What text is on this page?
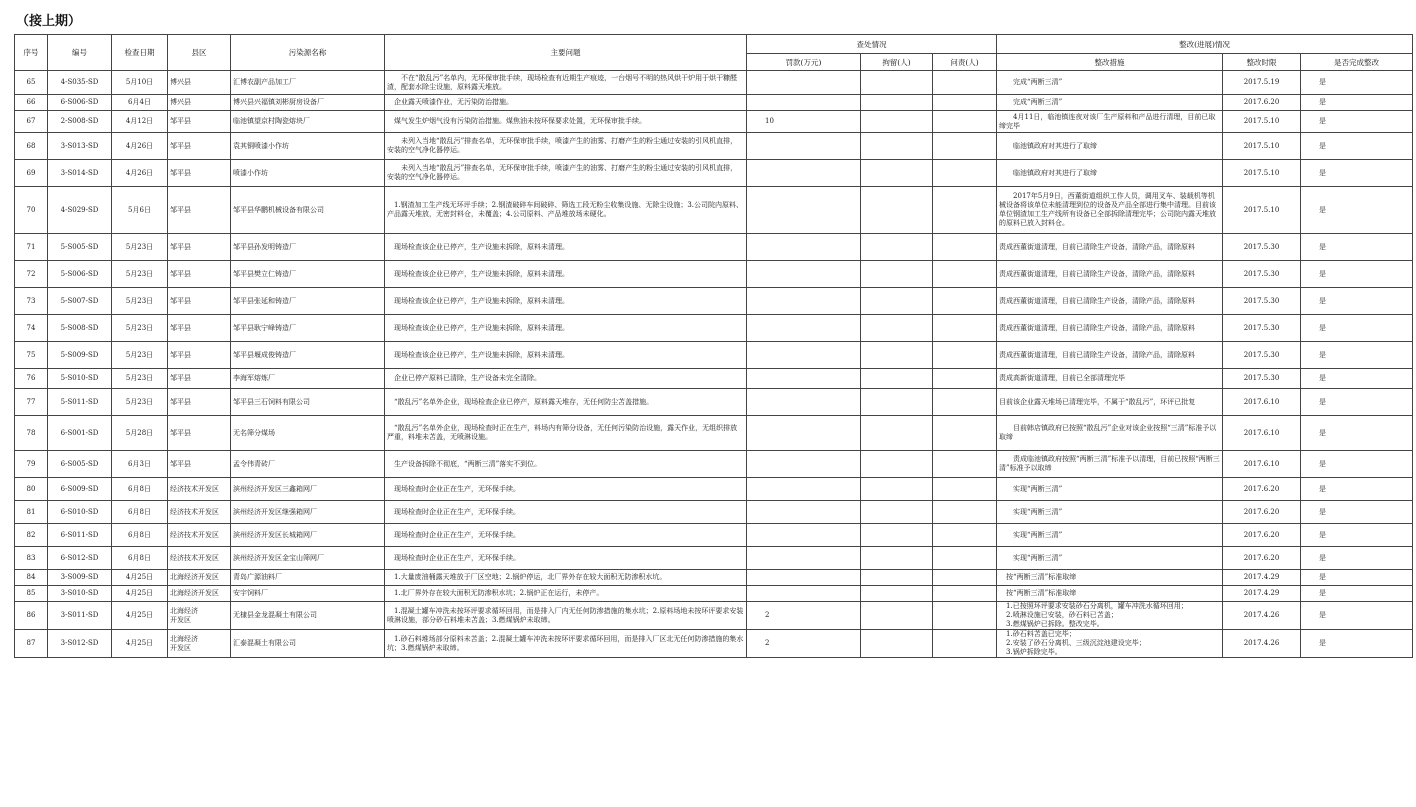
（接上期）
序号	编号	检查日期	县区	污染源名称	主要问题	查处情况			整改(进展)情况		
						罚款(万元)	拘留(人)	问责(人)	整改措施	整改时限	是否完成整改
65	4-S035-SD	5月10日	博兴县	汇博农副产品加工厂	　　不在“散乱污”名单内，无环保审批手续，现场检查有近期生产痕迹，一台烟号不明的热风烘干炉用于烘干糠醛渣，配套水除尘设施，原料露天堆放。				　　完成“两断三清”	2017.5.19	是
66	6-S006-SD	6月4日	博兴县	博兴县兴福镇刘彬厨房设备厂	　企业露天喷漆作业，无污染防治措施。				　　完成“两断三清”	2017.6.20	是
67	2-S008-SD	4月12日	邹平县	临池镇望京村陶瓷熔块厂	　煤气发生炉烟气没有污染防治措施。煤焦油未按环保要求处置，无环保审批手续。	10			　　4月11日，临池镇连夜对该厂生产原料和产品进行清理，目前已取缔完毕	2017.5.10	是
68	3-S013-SD	4月26日	邹平县	袁其铜喷漆小作坊	　　未列入当地“散乱污”排查名单，无环保审批手续，喷漆产生的油雾、打磨产生的粉尘通过安装的引风机直排，安装的空气净化器停运。				　　临池镇政府对其进行了取缔	2017.5.10	是
69	3-S014-SD	4月26日	邹平县	喷漆小作坊	　　未列入当地“散乱污”排查名单，无环保审批手续，喷漆产生的油雾、打磨产生的粉尘通过安装的引风机直排，安装的空气净化器停运。				　　临池镇政府对其进行了取缔	2017.5.10	是
70	4-S029-SD	5月6日	邹平县	邹平县华鹏机械设备有限公司	　1.钢渣加工生产线无环评手续；2.钢渣破碎车间破碎、筛选工段无粉尘收集设施、无除尘设施；3.公司院内原料、产品露天堆放，无密封料仓，未覆盖；4.公司原料、产品堆放场未硬化。				　　2017年5月9日，西董街道组织工作人员，调用叉车、装载机等机械设备将该单位未能清理到位的设备及产品全部进行集中清理。目前该单位钢渣加工生产线所有设备已全部拆除清理完毕；公司院内露天堆放的原料已放入封料仓。	2017.5.10	是
71	5-S005-SD	5月23日	邹平县	邹平县孙发明铸造厂	　现场检查该企业已停产，生产设施未拆除，原料未清理。				责成西董街道清理，目前已清除生产设备，清除产品，清除原料	2017.5.30	是
72	5-S006-SD	5月23日	邹平县	邹平县樊立仁铸造厂	　现场检查该企业已停产，生产设施未拆除，原料未清理。				责成西董街道清理，目前已清除生产设备，清除产品，清除原料	2017.5.30	是
73	5-S007-SD	5月23日	邹平县	邹平县张延和铸造厂	　现场检查该企业已停产，生产设施未拆除，原料未清理。				责成西董街道清理，目前已清除生产设备，清除产品，清除原料	2017.5.30	是
74	5-S008-SD	5月23日	邹平县	邹平县耿宁峰铸造厂	　现场检查该企业已停产，生产设施未拆除，原料未清理。				责成西董街道清理，目前已清除生产设备，清除产品，清除原料	2017.5.30	是
75	5-S009-SD	5月23日	邹平县	邹平县堰成俊铸造厂	　现场检查该企业已停产，生产设施未拆除，原料未清理。				责成西董街道清理，目前已清除生产设备，清除产品，清除原料	2017.5.30	是
76	5-S010-SD	5月23日	邹平县	李海军熔炼厂	　企业已停产原料已清除，生产设备未完全清除。				责成高新街道清理，目前已全部清理完毕	2017.5.30	是
77	5-S011-SD	5月23日	邹平县	邹平县三石饲料有限公司	　“散乱污”名单外企业，现场检查企业已停产，原料露天堆存，无任何防尘苫盖措施。				目前该企业露天堆场已清理完毕，不属于“散乱污”，环评已批复	2017.6.10	是
78	6-S001-SD	5月28日	邹平县	无名筛分煤场	　“散乱污”名单外企业，现场检查时正在生产，料场内有筛分设备，无任何污染防治设施，露天作业，无组织排放严重，料堆未苫盖，无喷淋设施。				　　目前韩店镇政府已按照“散乱污”企业对该企业按照“三清”标准予以取缔	2017.6.10	是
79	6-S005-SD	6月3日	邹平县	孟令伟青砖厂	　生产设备拆除不彻底，“两断三清”落实不到位。				　　责成临池镇政府按照“两断三清”标准予以清理，目前已按照“两断三清”标准予以取缔	2017.6.10	是
80	6-S009-SD	6月8日	经济技术开发区	滨州经济开发区三鑫箱网厂	　现场检查时企业正在生产，无环保手续。				　　实现“两断三清”	2017.6.20	是
81	6-S010-SD	6月8日	经济技术开发区	滨州经济开发区继强箱网厂	　现场检查时企业正在生产，无环保手续。				　　实现“两断三清”	2017.6.20	是
82	6-S011-SD	6月8日	经济技术开发区	滨州经济开发区长城箱网厂	　现场检查时企业正在生产，无环保手续。				　　实现“两断三清”	2017.6.20	是
83	6-S012-SD	6月8日	经济技术开发区	滨州经济开发区金宝山筛网厂	　现场检查时企业正在生产，无环保手续。				　　实现“两断三清”	2017.6.20	是
84	3-S009-SD	4月25日	北海经济开发区	青岛广源油料厂	　1.大量废油桶露天堆放于厂区空地；2.锅炉停运，北厂界外存在较大面积无防渗积水坑。				　按“两断三清”标准取缔	2017.4.29	是
85	3-S010-SD	4月25日	北海经济开发区	安宇饲料厂	　1.北厂界外存在较大面积无防渗积水坑；2.锅炉正在运行，未停产。				　按“两断三清”标准取缔	2017.4.29	是
86	3-S011-SD	4月25日	北海经济
开发区	无棣县金龙混凝土有限公司	　1.混凝土罐车冲洗未按环评要求循环回用，而是排入厂内无任何防渗措施的集水坑；2.原料场地未按环评要求安装喷淋设施，部分砂石料堆未苫盖；3.燃煤锅炉未取缔。	2			　1.已按照环评要求安装砂石分离机，罐车冲洗水循环回用；
　2.喷淋设施已安装，砂石料已苫盖；
　3.燃煤锅炉已拆除。整改完毕。	2017.4.26	是
87	3-S012-SD	4月25日	北海经济
开发区	汇泰混凝土有限公司	　1.砂石料堆场部分原料未苫盖；2.混凝土罐车冲洗未按环评要求循环回用，而是排入厂区北无任何防渗措施的集水坑；3.燃煤锅炉未取缔。	2			　1.砂石料苫盖已完毕；
　2.安装了砂石分离机、三级沉淀池建设完毕；
　3.锅炉拆除完毕。	2017.4.26	是
